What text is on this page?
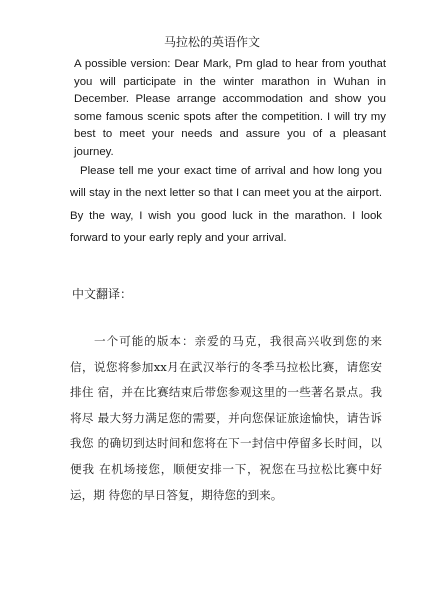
马拉松的英语作文

A possible version: Dear Mark, Pm glad to hear from youthat you will participate in the winter marathon in Wuhan in December. Please arrange accommodation and show you some famous scenic spots after the competition. I will try my best to meet your needs and assure you of a pleasant journey.

Please tell me your exact time of arrival and how long you will stay in the next letter so that I can meet you at the airport. By the way, I wish you good luck in the marathon. I look forward to your early reply and your arrival.

中文翻译：

一个可能的版本：亲爱的马克，我很高兴收到您的来信，说您将参加xx月在武汉举行的冬季马拉松比赛，请您安排住 宿，并在比赛结束后带您参观这里的一些著名景点。我将尽 最大努力满足您的需要，并向您保证旅途愉快，请告诉我您 的确切到达时间和您将在下一封信中停留多长时间，以便我 在机场接您，顺便安排一下，祝您在马拉松比赛中好运，期 待您的早日答复，期待您的到来。
